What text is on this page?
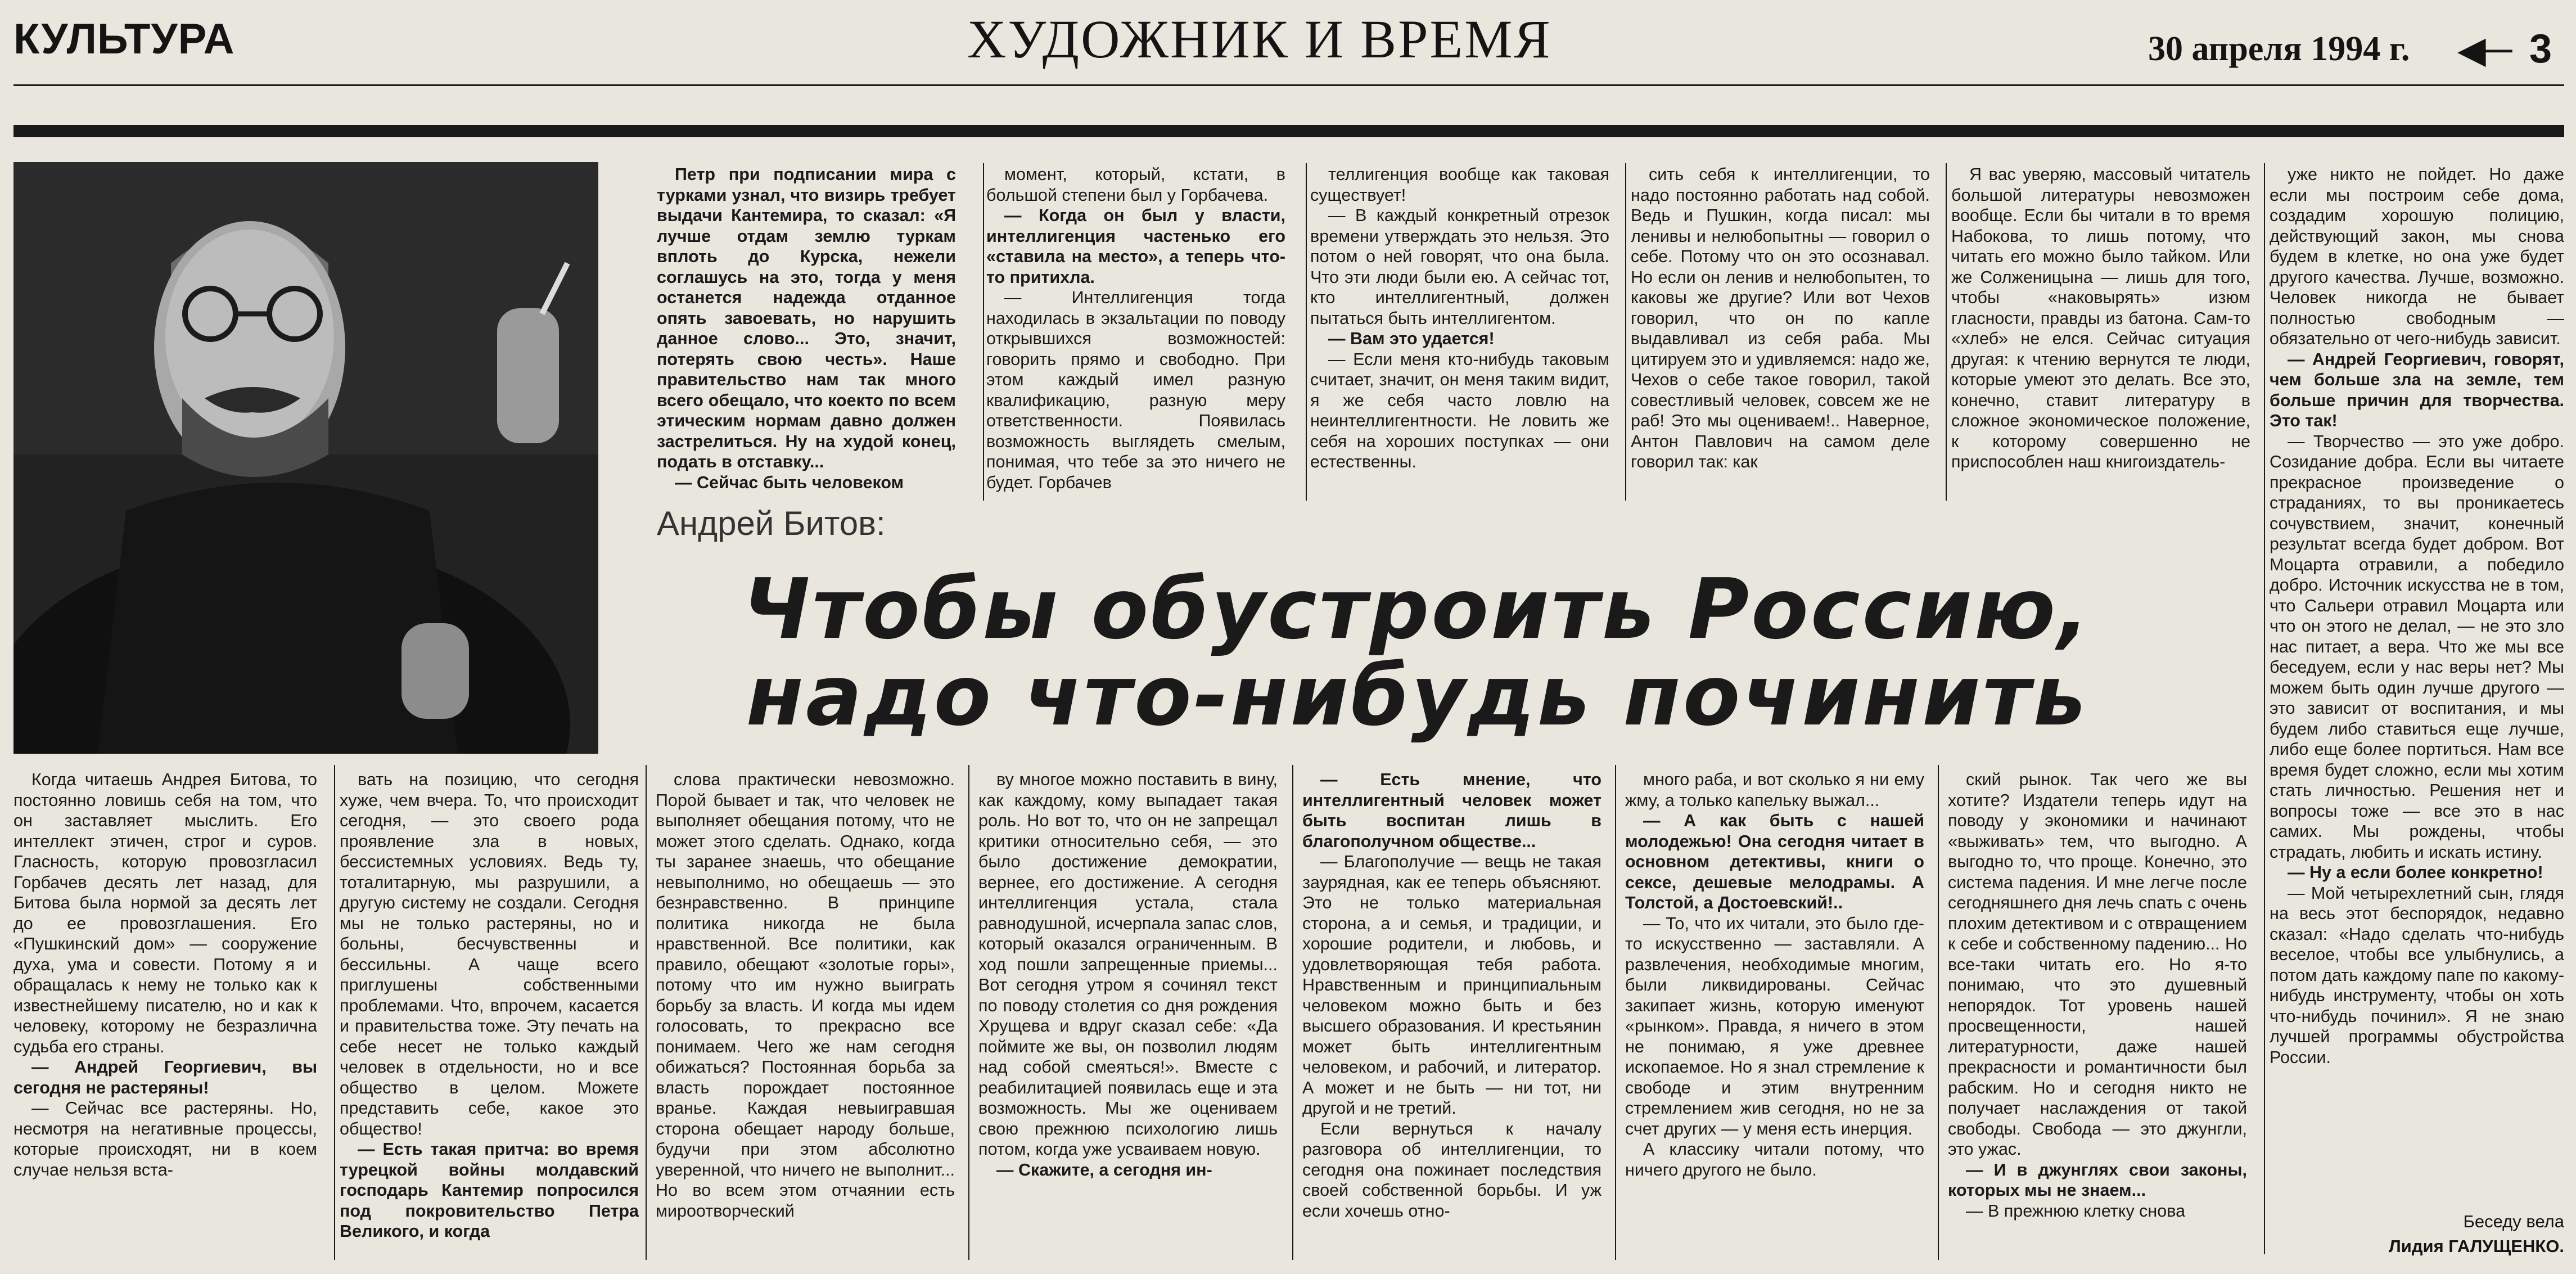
КУЛЬТУРА	ХУДОЖНИК И ВРЕМЯ	30 апреля 1994 г. ◀─ 3

Петр при подписании мира с турками узнал, что визирь требует выдачи Кантемира, то сказал: «Я лучше отдам землю туркам вплоть до Курска, нежели соглашусь на это, тогда у меня останется надежда отданное опять завоевать, но нарушить данное слово... Это, значит, потерять свою честь». Наше правительство нам так много всего обещало, что коекто по всем этическим нормам давно должен застрелиться. Ну на худой конец, подать в отставку...

— Сейчас быть человеком

момент, который, кстати, в большой степени был у Горбачева.

— Когда он был у власти, интеллигенция частенько его «ставила на место», а теперь что-то притихла.

— Интеллигенция тогда находилась в экзальтации по поводу открывшихся возможностей: говорить прямо и свободно. При этом каждый имел разную квалификацию, разную меру ответственности. Появилась возможность выглядеть смелым, понимая, что тебе за это ничего не будет. Горбачев

теллигенция вообще как таковая существует!

— В каждый конкретный отрезок времени утверждать это нельзя. Это потом о ней говорят, что она была. Что эти люди были ею. А сейчас тот, кто интеллигентный, должен пытаться быть интеллигентом.

— Вам это удается!

— Если меня кто-нибудь таковым считает, значит, он меня таким видит, я же себя часто ловлю на неинтеллигентности. Не ловить же себя на хороших поступках — они естественны.

сить себя к интеллигенции, то надо постоянно работать над собой. Ведь и Пушкин, когда писал: мы ленивы и нелюбопытны — говорил о себе. Потому что он это осознавал. Но если он ленив и нелюбопытен, то каковы же другие? Или вот Чехов говорил, что он по капле выдавливал из себя раба. Мы цитируем это и удивляемся: надо же, Чехов о себе такое говорил, такой совестливый человек, совсем же не раб! Это мы оцениваем!.. Наверное, Антон Павлович на самом деле говорил так: как

Я вас уверяю, массовый читатель большой литературы невозможен вообще. Если бы читали в то время Набокова, то лишь потому, что читать его можно было тайком. Или же Солженицына — лишь для того, чтобы «наковырять» изюм гласности, правды из батона. Сам-то «хлеб» не елся. Сейчас ситуация другая: к чтению вернутся те люди, которые умеют это делать. Все это, конечно, ставит литературу в сложное экономическое положение, к которому совершенно не приспособлен наш книгоиздатель-

уже никто не пойдет. Но даже если мы построим себе дома, создадим хорошую полицию, действующий закон, мы снова будем в клетке, но она уже будет другого качества. Лучше, возможно. Человек никогда не бывает полностью свободным — обязательно от чего-нибудь зависит.

— Андрей Георгиевич, говорят, чем больше зла на земле, тем больше причин для творчества. Это так!

— Творчество — это уже добро. Созидание добра. Если вы читаете прекрасное произведение о страданиях, то вы проникаетесь сочувствием, значит, конечный результат всегда будет добром. Вот Моцарта отравили, а победило добро. Источник искусства не в том, что Сальери отравил Моцарта или что он этого не делал, — не это зло нас питает, а вера. Что же мы все беседуем, если у нас веры нет? Мы можем быть один лучше другого — это зависит от воспитания, и мы будем либо ставиться еще лучше, либо еще более портиться. Нам все время будет сложно, если мы хотим стать личностью. Решения нет и вопросы тоже — все это в нас самих. Мы рождены, чтобы страдать, любить и искать истину.

— Ну а если более конкретно!

— Мой четырехлетний сын, глядя на весь этот беспорядок, недавно сказал: «Надо сделать что-нибудь веселое, чтобы все улыбнулись, а потом дать каждому папе по какому-нибудь инструменту, чтобы он хоть что-нибудь починил». Я не знаю лучшей программы обустройства России.

Андрей Битов:
Чтобы обустроить Россию,
надо что-нибудь починить

Когда читаешь Андрея Битова, то постоянно ловишь себя на том, что он заставляет мыслить. Его интеллект этичен, строг и суров. Гласность, которую провозгласил Горбачев десять лет назад, для Битова была нормой за десять лет до ее провозглашения. Его «Пушкинский дом» — сооружение духа, ума и совести. Потому я и обращалась к нему не только как к известнейшему писателю, но и как к человеку, которому не безразлична судьба его страны.

— Андрей Георгиевич, вы сегодня не растеряны!

— Сейчас все растеряны. Но, несмотря на негативные процессы, которые происходят, ни в коем случае нельзя вста-

вать на позицию, что сегодня хуже, чем вчера. То, что происходит сегодня, — это своего рода проявление зла в новых, бессистемных условиях. Ведь ту, тоталитарную, мы разрушили, а другую систему не создали. Сегодня мы не только растеряны, но и больны, бесчувственны и бессильны. А чаще всего приглушены собственными проблемами. Что, впрочем, касается и правительства тоже. Эту печать на себе несет не только каждый человек в отдельности, но и все общество в целом. Можете представить себе, какое это общество!

— Есть такая притча: во время турецкой войны молдавский господарь Кантемир попросился под покровительство Петра Великого, и когда

слова практически невозможно. Порой бывает и так, что человек не выполняет обещания потому, что не может этого сделать. Однако, когда ты заранее знаешь, что обещание невыполнимо, но обещаешь — это безнравственно. В принципе политика никогда не была нравственной. Все политики, как правило, обещают «золотые горы», потому что им нужно выиграть борьбу за власть. И когда мы идем голосовать, то прекрасно все понимаем. Чего же нам сегодня обижаться? Постоянная борьба за власть порождает постоянное вранье. Каждая невыигравшая сторона обещает народу больше, будучи при этом абсолютно уверенной, что ничего не выполнит... Но во всем этом отчаянии есть мироотворческий

ву многое можно поставить в вину, как каждому, кому выпадает такая роль. Но вот то, что он не запрещал критики относительно себя, — это было достижение демократии, вернее, его достижение. А сегодня интеллигенция устала, стала равнодушной, исчерпала запас слов, который оказался ограниченным. В ход пошли запрещенные приемы... Вот сегодня утром я сочинял текст по поводу столетия со дня рождения Хрущева и вдруг сказал себе: «Да поймите же вы, он позволил людям над собой смеяться!». Вместе с реабилитацией появилась еще и эта возможность. Мы же оцениваем свою прежнюю психологию лишь потом, когда уже усваиваем новую.

— Скажите, а сегодня ин-

— Есть мнение, что интеллигентный человек может быть воспитан лишь в благополучном обществе...

— Благополучие — вещь не такая заурядная, как ее теперь объясняют. Это не только материальная сторона, а и семья, и традиции, и хорошие родители, и любовь, и удовлетворяющая тебя работа. Нравственным и принципиальным человеком можно быть и без высшего образования. И крестьянин может быть интеллигентным человеком, и рабочий, и литератор. А может и не быть — ни тот, ни другой и не третий.

Если вернуться к началу разговора об интеллигенции, то сегодня она пожинает последствия своей собственной борьбы. И уж если хочешь отно-

много раба, и вот сколько я ни ему жму, а только капельку выжал...

— А как быть с нашей молодежью! Она сегодня читает в основном детективы, книги о сексе, дешевые мелодрамы. А Толстой, а Достоевский!..

— То, что их читали, это было где-то искусственно — заставляли. А развлечения, необходимые многим, были ликвидированы. Сейчас закипает жизнь, которую именуют «рынком». Правда, я ничего в этом не понимаю, я уже древнее ископаемое. Но я знал стремление к свободе и этим внутренним стремлением жив сегодня, но не за счет других — у меня есть инерция.

А классику читали потому, что ничего другого не было.

ский рынок. Так чего же вы хотите? Издатели теперь идут на поводу у экономики и начинают «выживать» тем, что выгодно. А выгодно то, что проще. Конечно, это система падения. И мне легче после сегодняшнего дня лечь спать с очень плохим детективом и с отвращением к себе и собственному падению... Но все-таки читать его. Но я-то понимаю, что это душевный непорядок. Тот уровень нашей просвещенности, нашей литературности, даже нашей прекрасности и романтичности был рабским. Но и сегодня никто не получает наслаждения от такой свободы. Свобода — это джунгли, это ужас.

— И в джунглях свои законы, которых мы не знаем...

— В прежнюю клетку снова

Беседу вела
Лидия ГАЛУЩЕНКО.
